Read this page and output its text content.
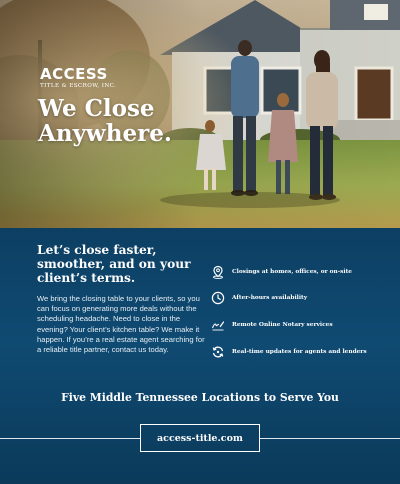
ACCESS
TITLE & ESCROW, INC.
We Close
Anywhere.
Let’s close faster, smoother, and on your client’s terms.
We bring the closing table to your clients, so you can focus on generating more deals without the scheduling headache. Need to close in the evening? Your client’s kitchen table? We make it happen. If you’re a real estate agent searching for a reliable title partner, contact us today.
Closings at homes, offices, or on-site
After-hours availability
Remote Online Notary services
Real-time updates for agents and lenders
Five Middle Tennessee Locations to Serve You
access-title.com
